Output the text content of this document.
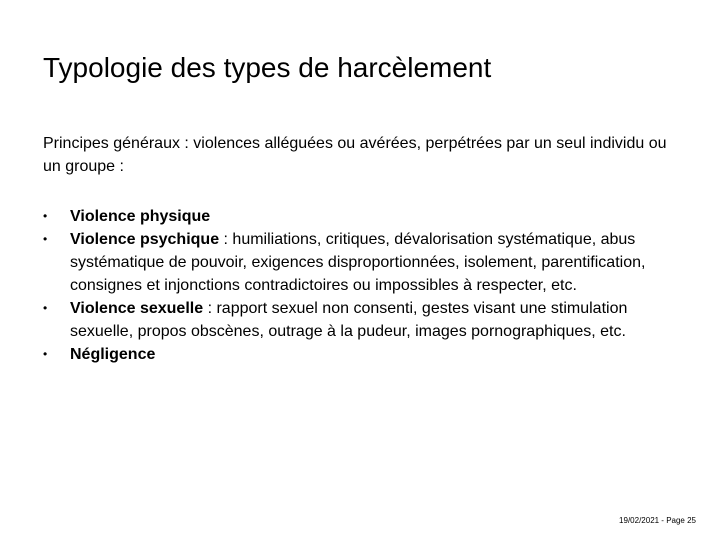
Typologie des types de harcèlement

Principes généraux : violences alléguées ou avérées, perpétrées par un seul individu ou un groupe :

•	Violence physique
•	Violence psychique : humiliations, critiques, dévalorisation systématique, abus systématique de pouvoir, exigences disproportionnées, isolement, parentification, consignes et injonctions contradictoires ou impossibles à respecter, etc.
•	Violence sexuelle : rapport sexuel non consenti, gestes visant une stimulation sexuelle, propos obscènes, outrage à la pudeur, images pornographiques, etc.
•	Négligence
19/02/2021 - Page 25
